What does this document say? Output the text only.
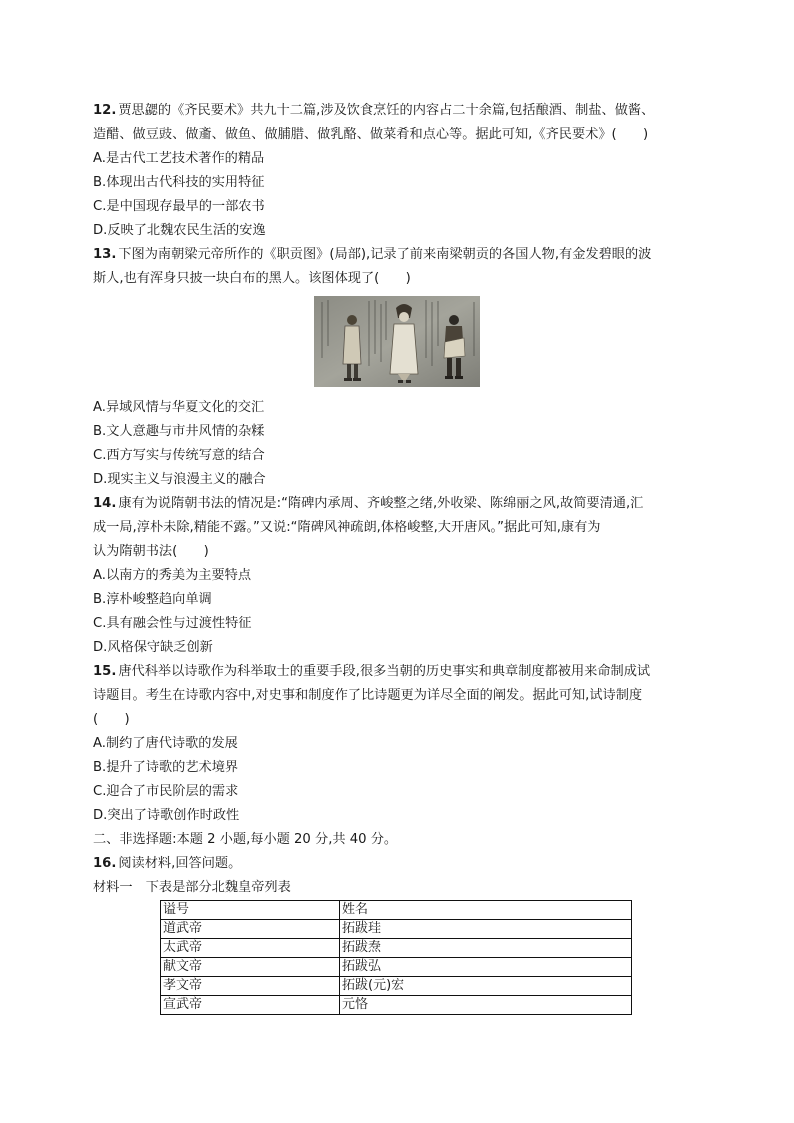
12. 贾思勰的《齐民要术》共九十二篇,涉及饮食烹饪的内容占二十余篇,包括酿酒、制盐、做酱、
造醋、做豆豉、做齑、做鱼、做脯腊、做乳酪、做菜肴和点心等。据此可知,《齐民要术》(　　)
A.是古代工艺技术著作的精品
B.体现出古代科技的实用特征
C.是中国现存最早的一部农书
D.反映了北魏农民生活的安逸
13. 下图为南朝梁元帝所作的《职贡图》(局部),记录了前来南梁朝贡的各国人物,有金发碧眼的波
斯人,也有浑身只披一块白布的黑人。该图体现了(　　)
A.异域风情与华夏文化的交汇
B.文人意趣与市井风情的杂糅
C.西方写实与传统写意的结合
D.现实主义与浪漫主义的融合
14. 康有为说隋朝书法的情况是:“隋碑内承周、齐峻整之绪,外收梁、陈绵丽之风,故简要清通,汇
成一局,淳朴未除,精能不露。”又说:“隋碑风神疏朗,体格峻整,大开唐风。”据此可知,康有为
认为隋朝书法(　　)
A.以南方的秀美为主要特点
B.淳朴峻整趋向单调
C.具有融会性与过渡性特征
D.风格保守缺乏创新
15. 唐代科举以诗歌作为科举取士的重要手段,很多当朝的历史事实和典章制度都被用来命制成试
诗题目。考生在诗歌内容中,对史事和制度作了比诗题更为详尽全面的阐发。据此可知,试诗制度
(　　)
A.制约了唐代诗歌的发展
B.提升了诗歌的艺术境界
C.迎合了市民阶层的需求
D.突出了诗歌创作时政性
二、非选择题:本题 2 小题,每小题 20 分,共 40 分。
16. 阅读材料,回答问题。
材料一　下表是部分北魏皇帝列表
谥号	姓名
道武帝	拓跋珪
太武帝	拓跋焘
献文帝	拓跋弘
孝文帝	拓跋(元)宏
宣武帝	元恪
